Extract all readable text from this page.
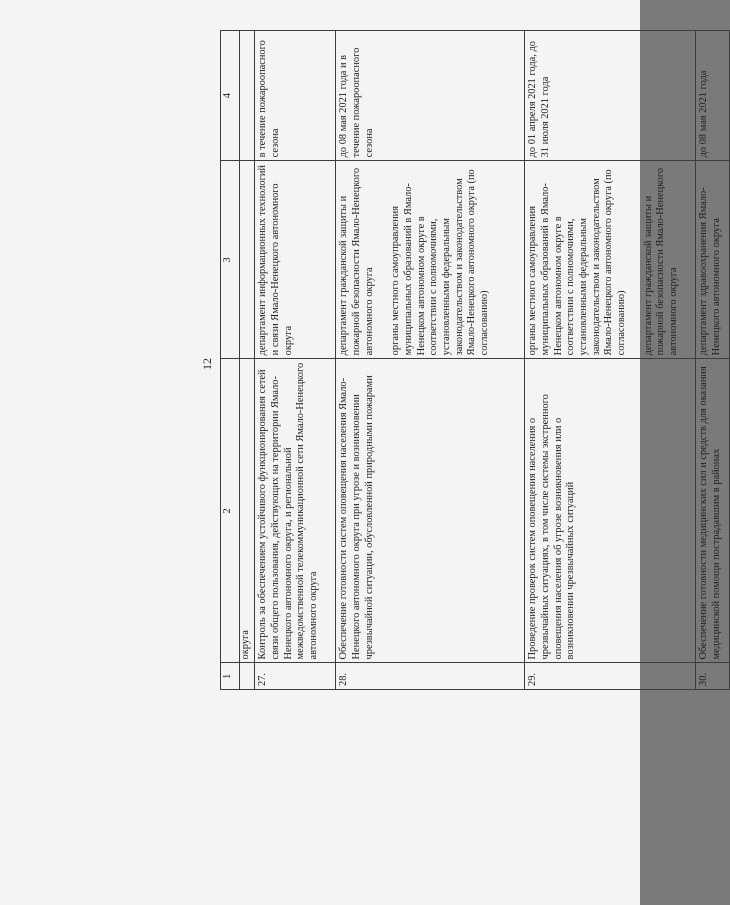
12
1	2	3	4
	округа		
27.	Контроль за обеспечением устойчивого функционирования сетей связи общего пользования, действующих на территории Ямало-Ненецкого автономного округа, и региональной межведомственной телекоммуникационной сети Ямало-Ненецкого автономного округа	департамент информационных технологий и связи Ямало-Ненецкого автономного округа	в течение пожароопасного сезона
28.	Обеспечение готовности систем оповещения населения Ямало-Ненецкого автономного округа при угрозе и возникновении чрезвычайной ситуации, обусловленной природными пожарами	департамент гражданской защиты и пожарной безопасности Ямало-Ненецкого автономного округа органы местного самоуправления муниципальных образований в Ямало-Ненецком автономном округе в соответствии с полномочиями, установленными федеральным законодательством и законодательством Ямало-Ненецкого автономного округа (по согласованию)	до 08 мая 2021 года и в течение пожароопасного сезона
29.	Проведение проверок систем оповещения населения о чрезвычайных ситуациях, в том числе системы экстренного оповещения населения об угрозе возникновения или о возникновении чрезвычайных ситуаций	органы местного самоуправления муниципальных образований в Ямало-Ненецком автономном округе в соответствии с полномочиями, установленными федеральным законодательством и законодательством Ямало-Ненецкого автономного округа (по согласованию) департамент гражданской защиты и пожарной безопасности Ямало-Ненецкого автономного округа	до 01 апреля 2021 года, до 31 июля 2021 года
30.	Обеспечение готовности медицинских сил и средств для оказания медицинской помощи пострадавшим в районах	департамент здравоохранения Ямало-Ненецкого автономного округа	до 08 мая 2021 года
